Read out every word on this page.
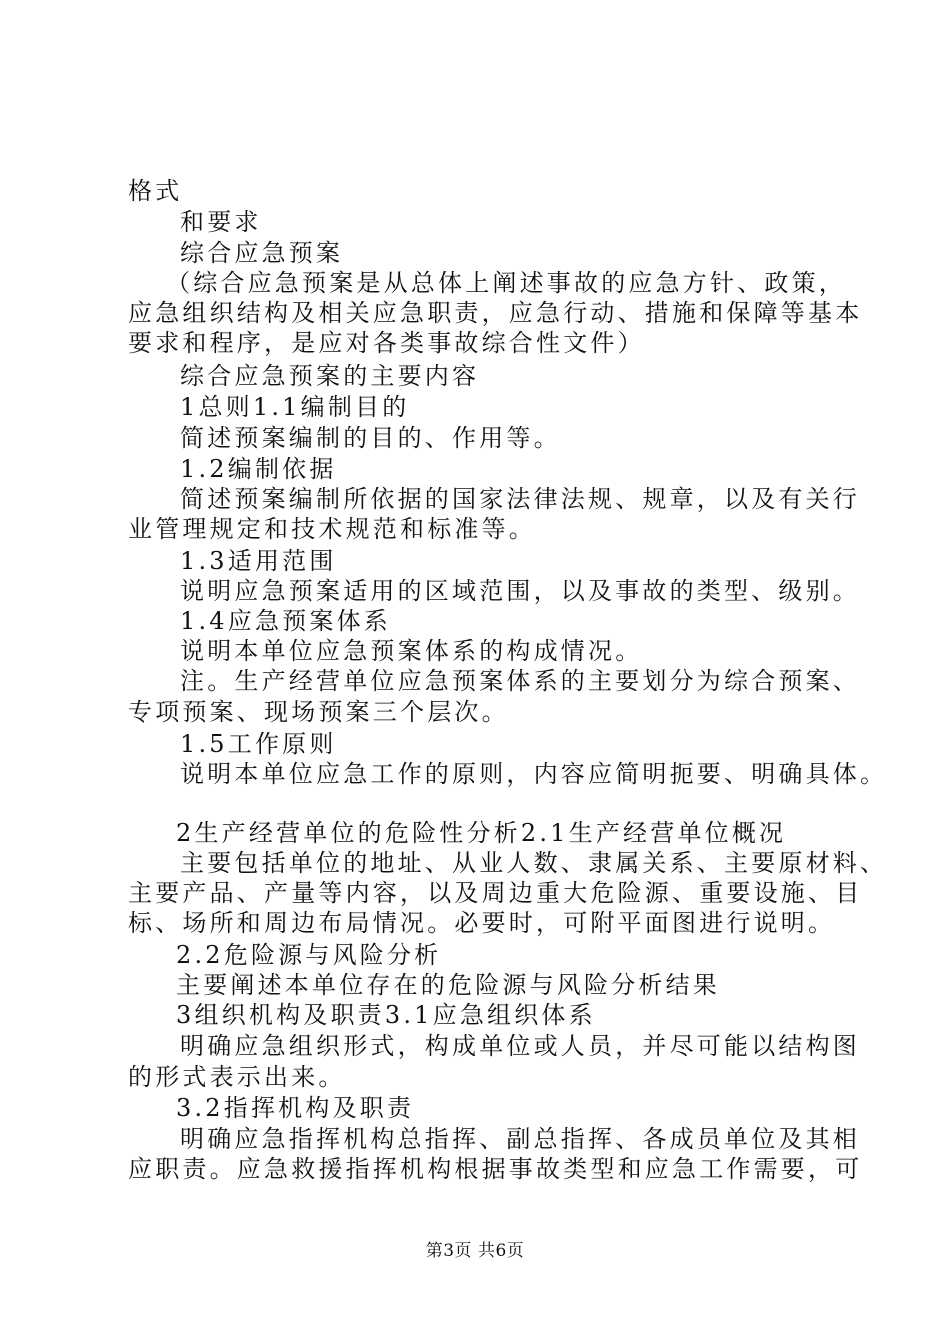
格式
和要求
综合应急预案
（综合应急预案是从总体上阐述事故的应急方针、政策，
应急组织结构及相关应急职责，应急行动、措施和保障等基本
要求和程序，是应对各类事故综合性文件）
综合应急预案的主要内容
1总则1.1编制目的
简述预案编制的目的、作用等。
1.2编制依据
简述预案编制所依据的国家法律法规、规章，以及有关行
业管理规定和技术规范和标准等。
1.3适用范围
说明应急预案适用的区域范围，以及事故的类型、级别。
1.4应急预案体系
说明本单位应急预案体系的构成情况。
注。生产经营单位应急预案体系的主要划分为综合预案、
专项预案、现场预案三个层次。
1.5工作原则
说明本单位应急工作的原则，内容应简明扼要、明确具体。
2生产经营单位的危险性分析2.1生产经营单位概况
主要包括单位的地址、从业人数、隶属关系、主要原材料、
主要产品、产量等内容，以及周边重大危险源、重要设施、目
标、场所和周边布局情况。必要时，可附平面图进行说明。
2.2危险源与风险分析
主要阐述本单位存在的危险源与风险分析结果
3组织机构及职责3.1应急组织体系
明确应急组织形式，构成单位或人员，并尽可能以结构图
的形式表示出来。
3.2指挥机构及职责
明确应急指挥机构总指挥、副总指挥、各成员单位及其相
应职责。应急救援指挥机构根据事故类型和应急工作需要，可
第3页 共6页
